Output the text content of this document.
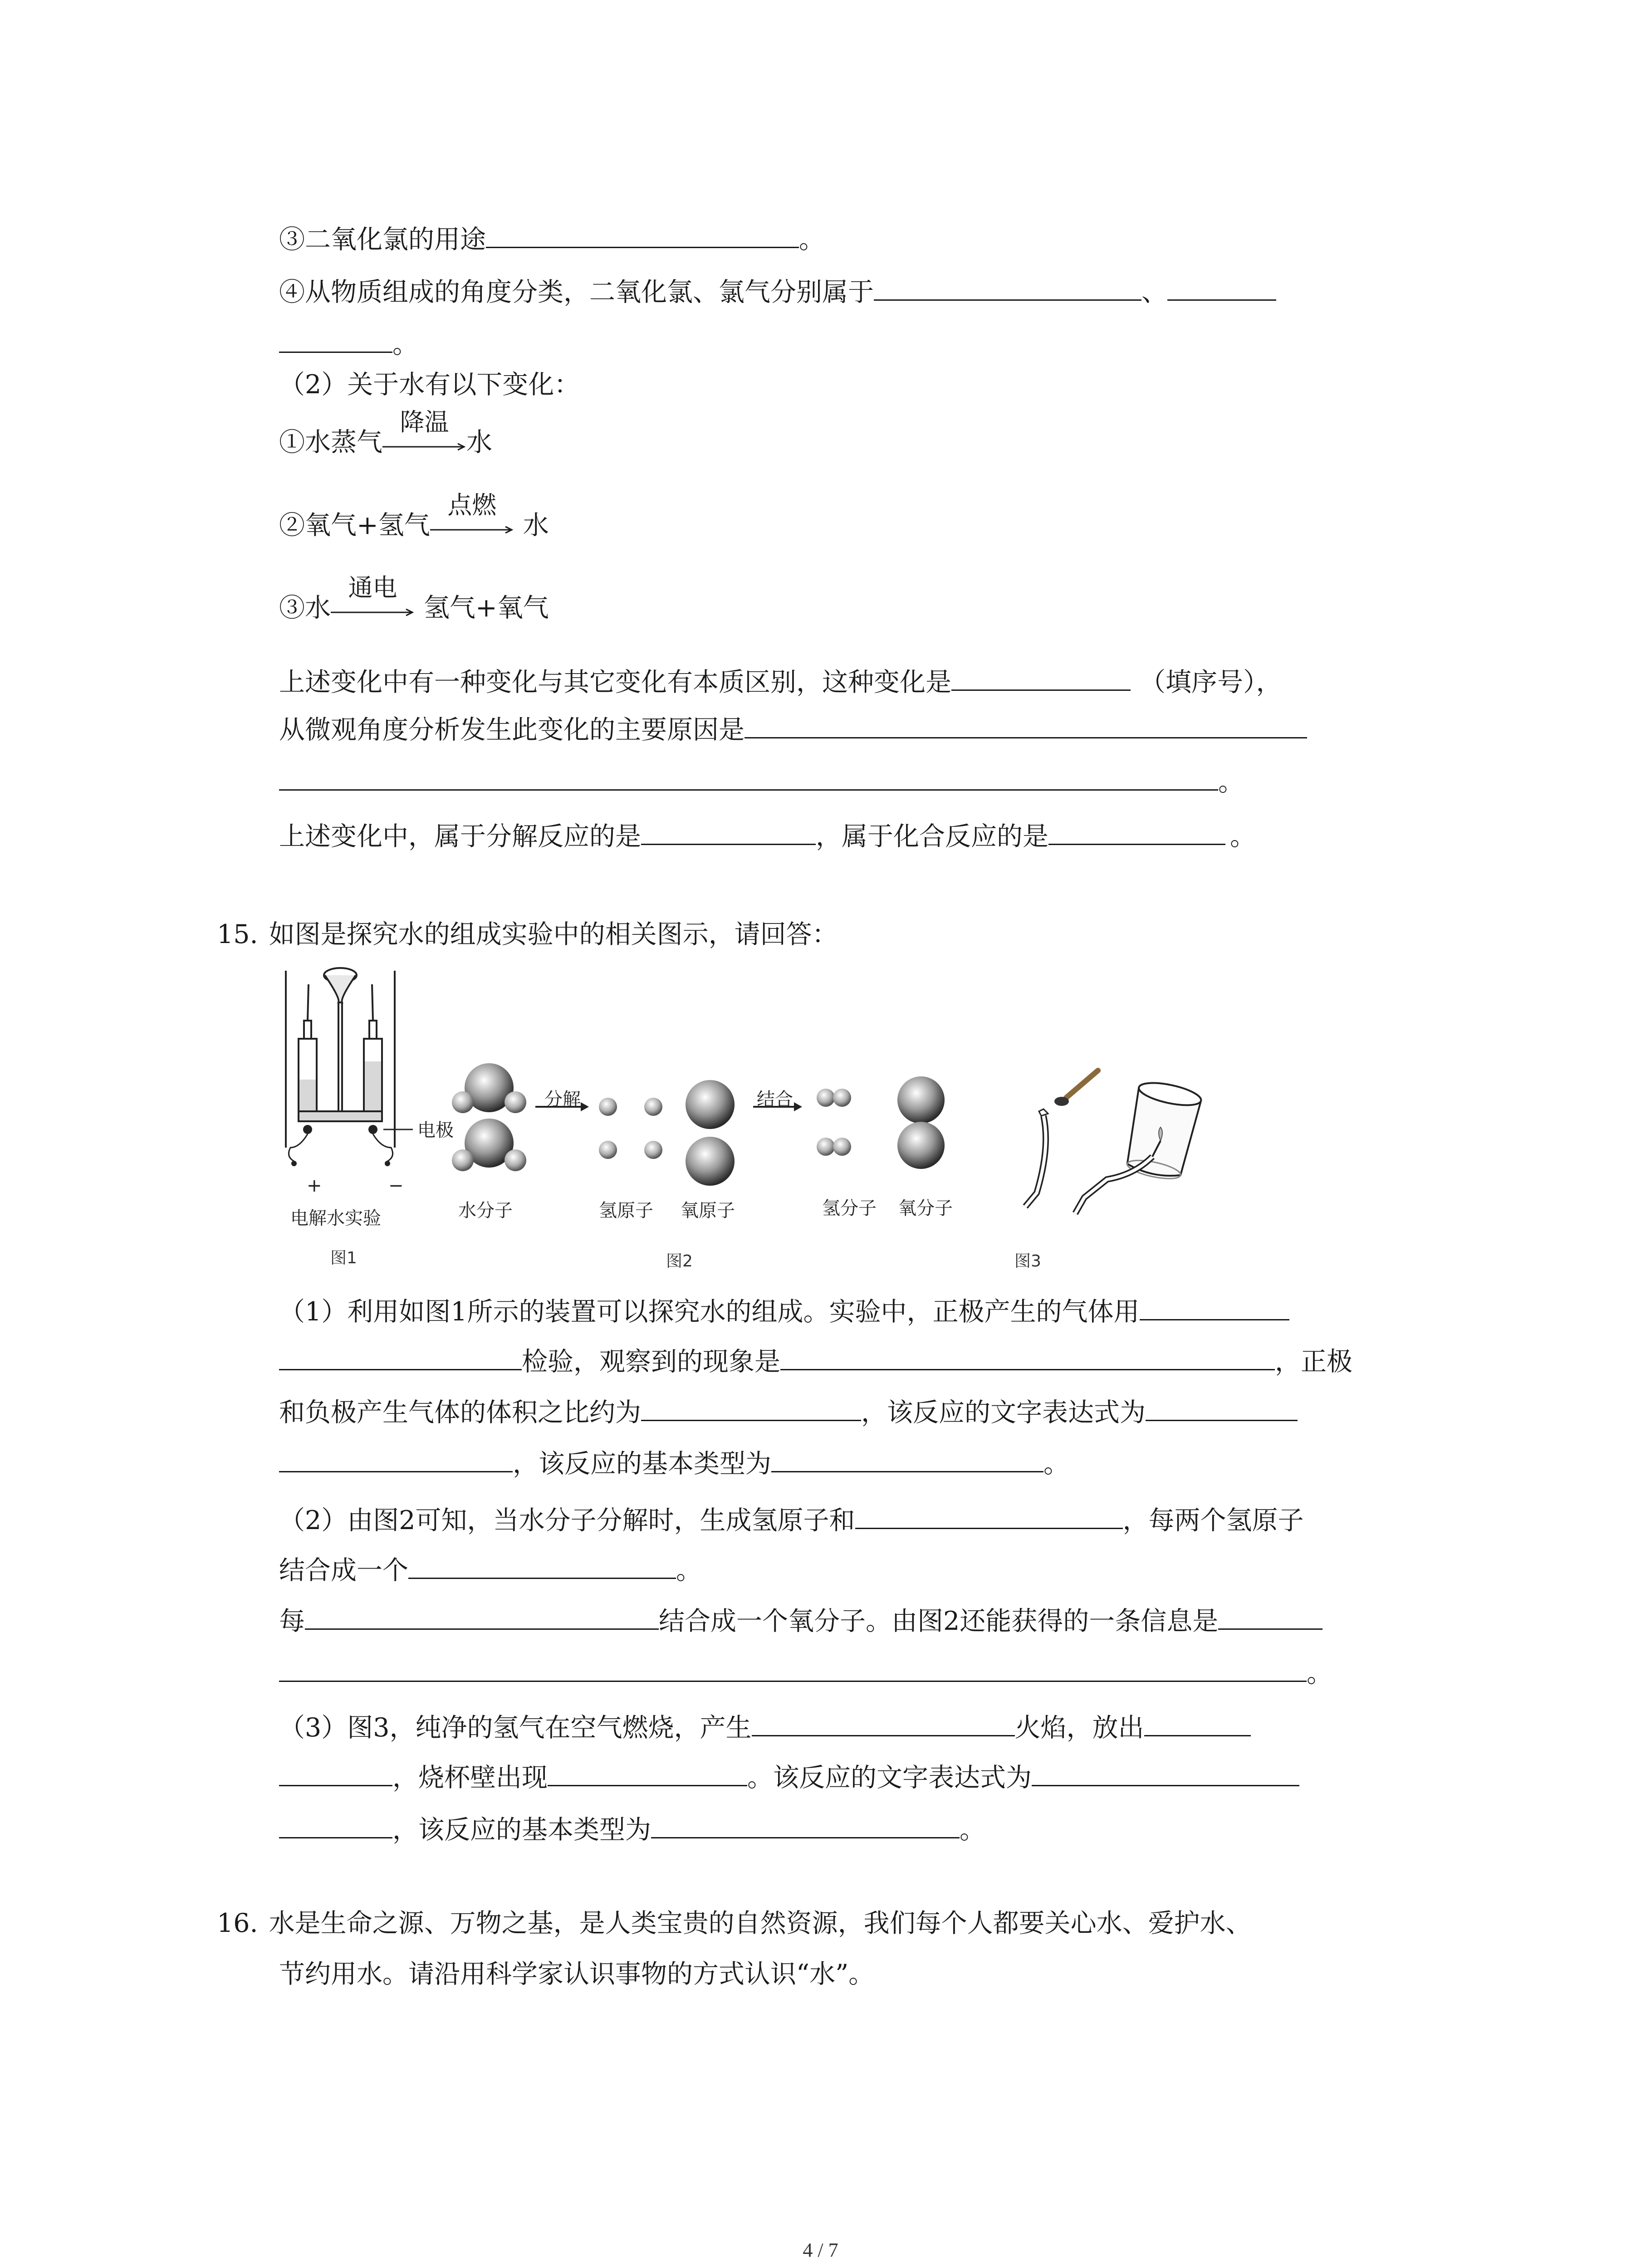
③二氧化氯的用途	。
④从物质组成的角度分类，二氧化氯、氯气分别属于	、
。
（2）关于水有以下变化：
①水蒸气
降温
水
②氧气+氢气
点燃
水
③水
通电
氢气+氧气
上述变化中有一种变化与其它变化有本质区别，这种变化是	（填序号），
从微观角度分析发生此变化的主要原因是
。
上述变化中，属于分解反应的是	，属于化合反应的是	。
15. 如图是探究水的组成实验中的相关图示，请回答：
电极
+	−
电解水实验
图1
分解	结合
水分子	氢原子 氧原子	氢分子 氧分子
图2	图3
（1）利用如图1所示的装置可以探究水的组成。实验中，正极产生的气体用
检验，观察到的现象是	，正极
和负极产生气体的体积之比约为	，该反应的文字表达式为
，该反应的基本类型为	。
（2）由图2可知，当水分子分解时，生成氢原子和	，每两个氢原子
结合成一个	。
每	结合成一个氧分子。由图2还能获得的一条信息是
。
（3）图3，纯净的氢气在空气燃烧，产生	火焰，放出
，烧杯壁出现	。该反应的文字表达式为
，该反应的基本类型为	。
16. 水是生命之源、万物之基，是人类宝贵的自然资源，我们每个人都要关心水、爱护水、
节约用水。请沿用科学家认识事物的方式认识“水”。
4 / 7
